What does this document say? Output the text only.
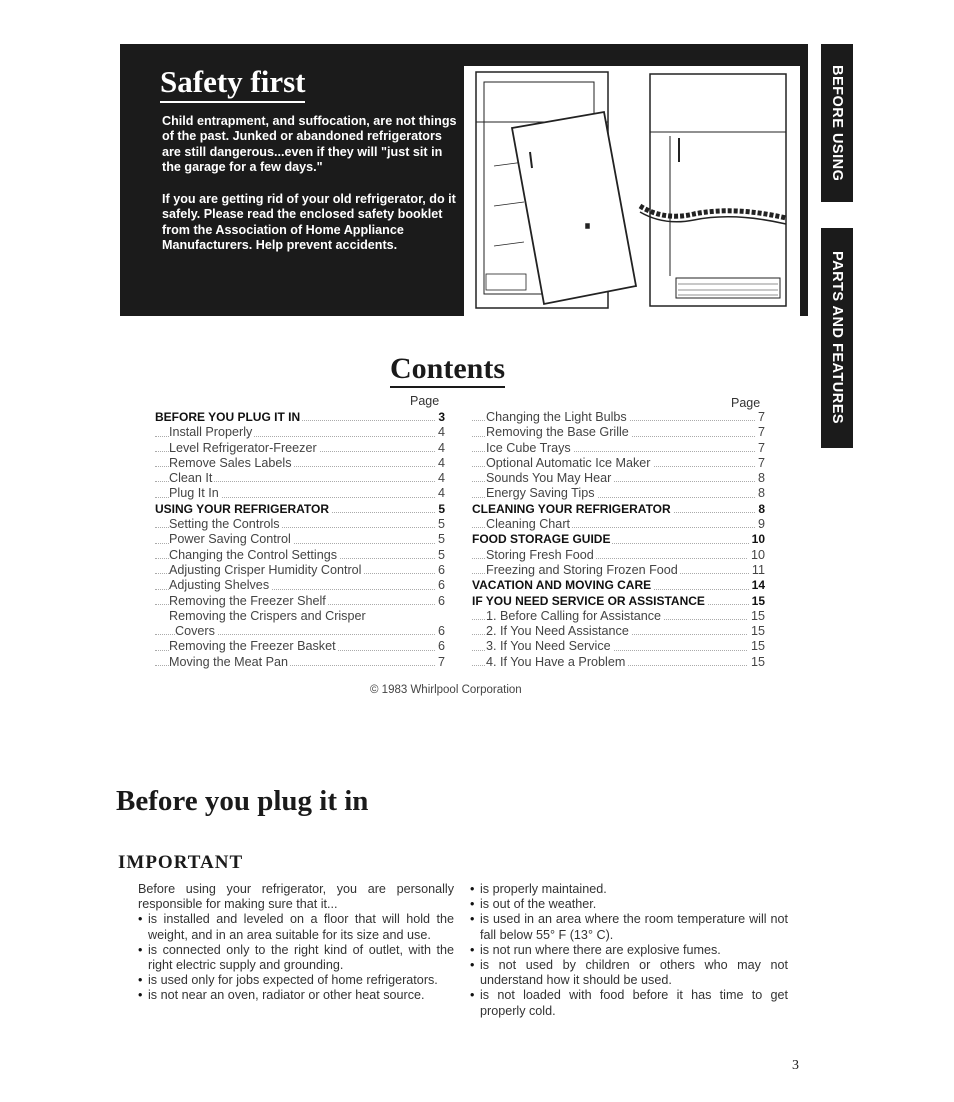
Safety first
Child entrapment, and suffocation, are not things of the past. Junked or abandoned refrigerators are still dangerous...even if they will "just sit in the garage for a few days."
If you are getting rid of your old refrigerator, do it safely. Please read the enclosed safety booklet from the Association of Home Appliance Manufacturers. Help prevent accidents.
BEFORE USING
PARTS AND FEATURES
Contents
Page	Page
BEFORE YOU PLUG IT IN	3
Install Properly	4
Level Refrigerator-Freezer	4
Remove Sales Labels	4
Clean It	4
Plug It In	4
USING YOUR REFRIGERATOR	5
Setting the Controls	5
Power Saving Control	5
Changing the Control Settings	5
Adjusting Crisper Humidity Control	6
Adjusting Shelves	6
Removing the Freezer Shelf	6
Removing the Crispers and Crisper
Covers	6
Removing the Freezer Basket	6
Moving the Meat Pan	7
Changing the Light Bulbs	7
Removing the Base Grille	7
Ice Cube Trays	7
Optional Automatic Ice Maker	7
Sounds You May Hear	8
Energy Saving Tips	8
CLEANING YOUR REFRIGERATOR	8
Cleaning Chart	9
FOOD STORAGE GUIDE	10
Storing Fresh Food	10
Freezing and Storing Frozen Food	11
VACATION AND MOVING CARE	14
IF YOU NEED SERVICE OR ASSISTANCE	15
1. Before Calling for Assistance	15
2. If You Need Assistance	15
3. If You Need Service	15
4. If You Have a Problem	15
© 1983 Whirlpool Corporation
Before you plug it in
IMPORTANT

Before using your refrigerator, you are personally responsible for making sure that it...

• is installed and leveled on a floor that will hold the weight, and in an area suitable for its size and use.

• is connected only to the right kind of outlet, with the right electric supply and grounding.

• is used only for jobs expected of home refrigerators.

• is not near an oven, radiator or other heat source.

• is properly maintained.

• is out of the weather.

• is used in an area where the room temperature will not fall below 55° F (13° C).

• is not run where there are explosive fumes.

• is not used by children or others who may not understand how it should be used.

• is not loaded with food before it has time to get properly cold.

3
